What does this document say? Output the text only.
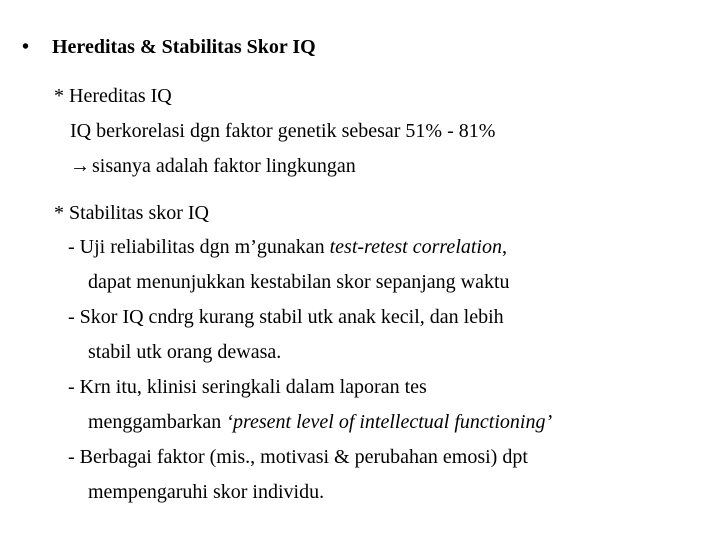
• Hereditas & Stabilitas Skor IQ
* Hereditas IQ
IQ berkorelasi dgn faktor genetik sebesar 51% - 81%
→ sisanya adalah faktor lingkungan
* Stabilitas skor IQ
- Uji reliabilitas dgn m’gunakan test-retest correlation,
dapat menunjukkan kestabilan skor sepanjang waktu
- Skor IQ cndrg kurang stabil utk anak kecil, dan lebih
stabil utk orang dewasa.
- Krn itu, klinisi seringkali dalam laporan tes
menggambarkan ‘present level of intellectual functioning’
- Berbagai faktor (mis., motivasi & perubahan emosi) dpt
mempengaruhi skor individu.
